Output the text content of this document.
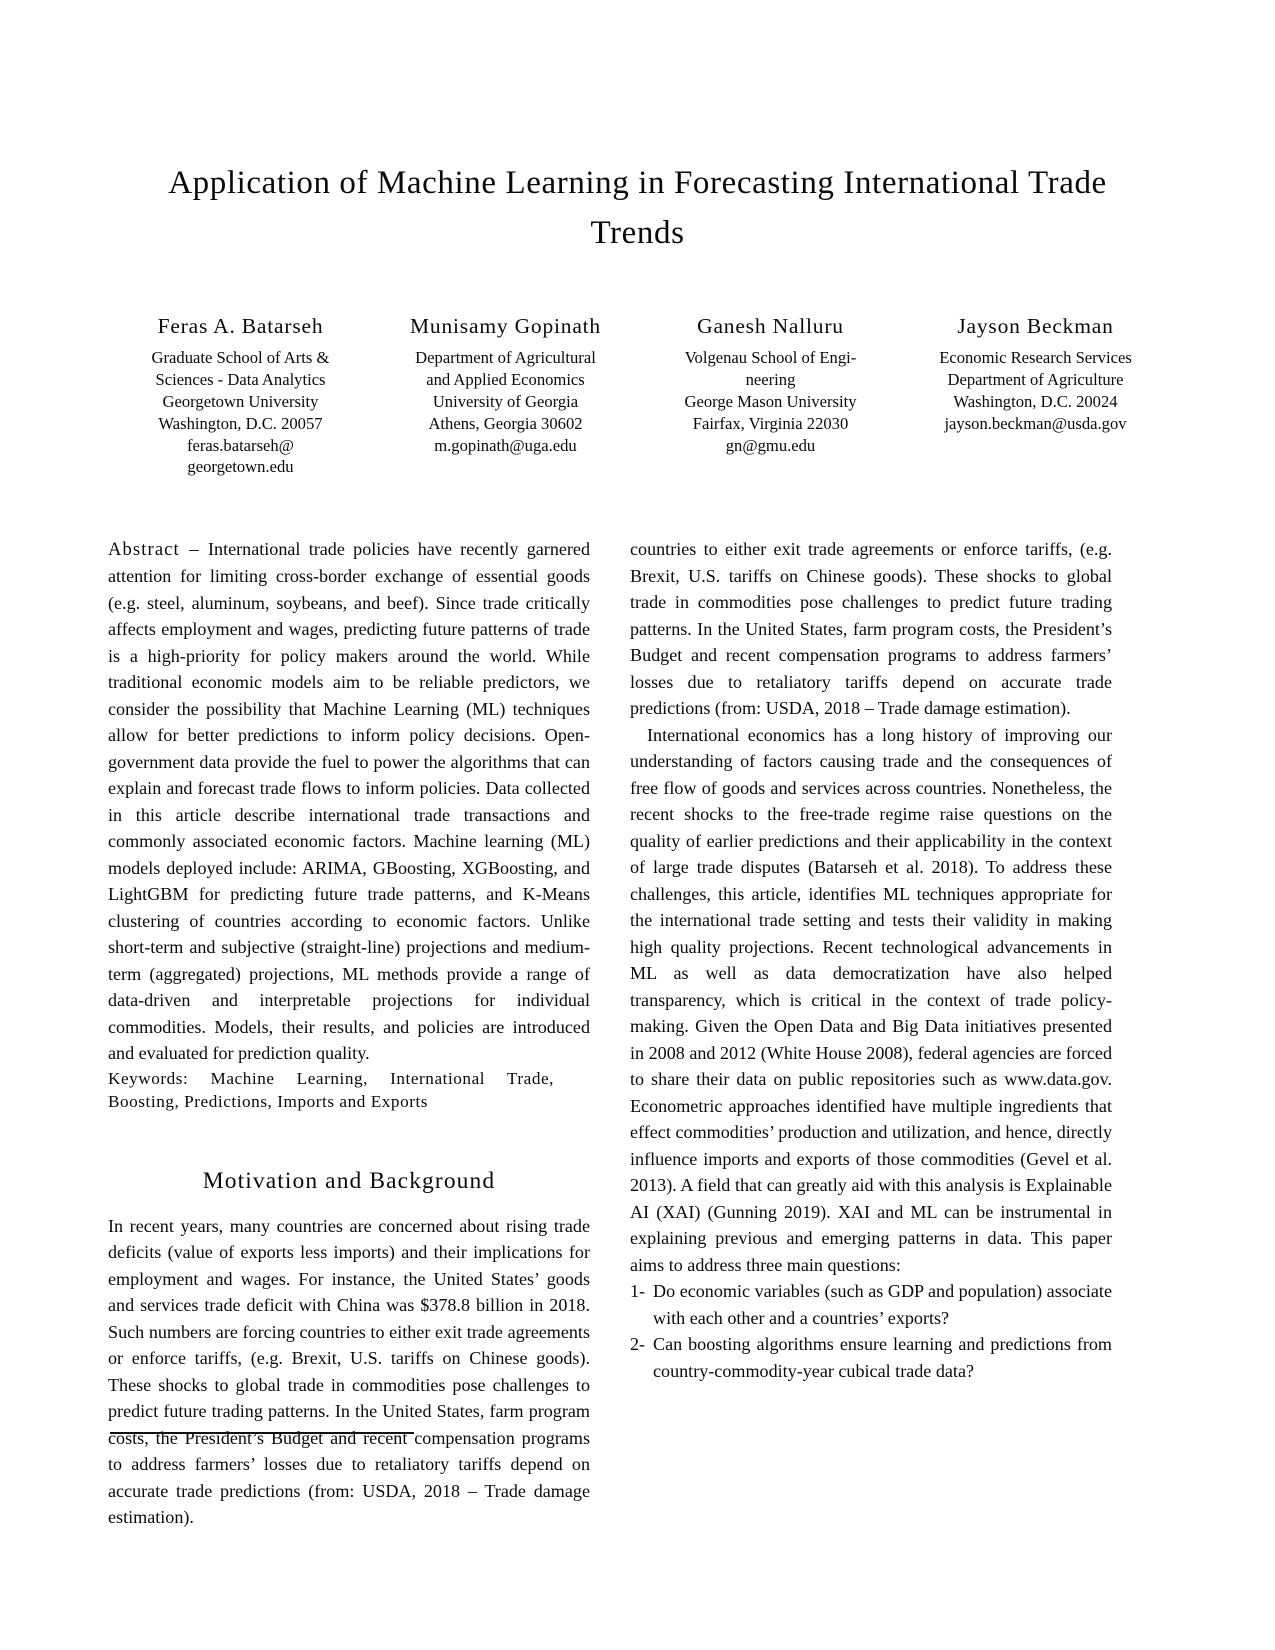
Application of Machine Learning in Forecasting International Trade Trends
Feras A. Batarseh
Graduate School of Arts &
Sciences - Data Analytics
Georgetown University
Washington, D.C. 20057
feras.batarseh@
georgetown.edu
Munisamy Gopinath
Department of Agricultural
and Applied Economics
University of Georgia
Athens, Georgia 30602
m.gopinath@uga.edu
Ganesh Nalluru
Volgenau School of Engi-
neering
George Mason University
Fairfax, Virginia 22030
gn@gmu.edu
Jayson Beckman
Economic Research Services
Department of Agriculture
Washington, D.C. 20024
jayson.beckman@usda.gov

Abstract – International trade policies have recently garnered attention for limiting cross-border exchange of essential goods (e.g. steel, aluminum, soybeans, and beef). Since trade critically affects employment and wages, predicting future patterns of trade is a high-priority for policy makers around the world. While traditional economic models aim to be reliable predictors, we consider the possibility that Machine Learning (ML) techniques allow for better predictions to inform policy decisions. Open-government data provide the fuel to power the algorithms that can explain and forecast trade flows to inform policies. Data collected in this article describe international trade transactions and commonly associated economic factors. Machine learning (ML) models deployed include: ARIMA, GBoosting, XGBoosting, and LightGBM for predicting future trade patterns, and K-Means clustering of countries according to economic factors. Unlike short-term and subjective (straight-line) projections and medium-term (aggregated) projections, ML methods provide a range of data-driven and interpretable projections for individual commodities. Models, their results, and policies are introduced and evaluated for prediction quality.

Keywords: Machine Learning, International Trade, Boosting, Predictions, Imports and Exports

Motivation and Background

In recent years, many countries are concerned about rising trade deficits (value of exports less imports) and their implications for employment and wages. For instance, the United States’ goods and services trade deficit with China was $378.8 billion in 2018. Such numbers are forcing countries to either exit trade agreements or enforce tariffs, (e.g. Brexit, U.S. tariffs on Chinese goods). These shocks to global trade in commodities pose challenges to predict future trading patterns. In the United States, farm program costs, the President’s Budget and recent compensation programs to address farmers’ losses due to retaliatory tariffs depend on accurate trade predictions (from: USDA, 2018 – Trade damage estimation).

countries to either exit trade agreements or enforce tariffs, (e.g. Brexit, U.S. tariffs on Chinese goods). These shocks to global trade in commodities pose challenges to predict future trading patterns. In the United States, farm program costs, the President’s Budget and recent compensation programs to address farmers’ losses due to retaliatory tariffs depend on accurate trade predictions (from: USDA, 2018 – Trade damage estimation).

International economics has a long history of improving our understanding of factors causing trade and the consequences of free flow of goods and services across countries. Nonetheless, the recent shocks to the free-trade regime raise questions on the quality of earlier predictions and their applicability in the context of large trade disputes (Batarseh et al. 2018). To address these challenges, this article, identifies ML techniques appropriate for the international trade setting and tests their validity in making high quality projections. Recent technological advancements in ML as well as data democratization have also helped transparency, which is critical in the context of trade policy-making. Given the Open Data and Big Data initiatives presented in 2008 and 2012 (White House 2008), federal agencies are forced to share their data on public repositories such as www.data.gov. Econometric approaches identified have multiple ingredients that effect commodities’ production and utilization, and hence, directly influence imports and exports of those commodities (Gevel et al. 2013). A field that can greatly aid with this analysis is Explainable AI (XAI) (Gunning 2019). XAI and ML can be instrumental in explaining previous and emerging patterns in data. This paper aims to address three main questions:

1- Do economic variables (such as GDP and population) associate with each other and a countries’ exports?
2- Can boosting algorithms ensure learning and predictions from country-commodity-year cubical trade data?
